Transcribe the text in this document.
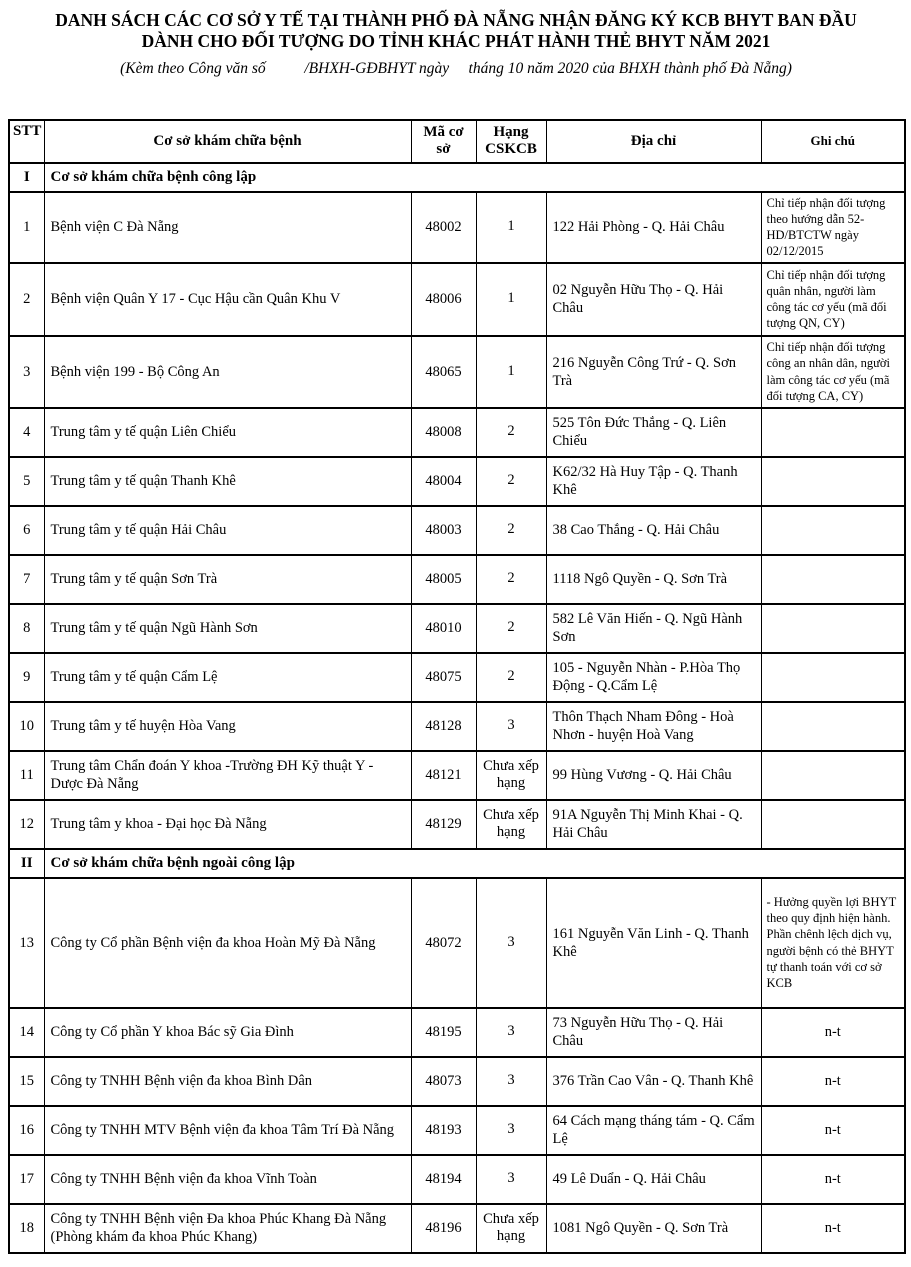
DANH SÁCH CÁC CƠ SỞ Y TẾ TẠI THÀNH PHỐ ĐÀ NẴNG NHẬN ĐĂNG KÝ KCB BHYT BAN ĐẦU
DÀNH CHO ĐỐI TƯỢNG DO TỈNH KHÁC PHÁT HÀNH THẺ BHYT NĂM 2021
(Kèm theo Công văn số          /BHXH-GĐBHYT ngày     tháng 10 năm 2020 của BHXH thành phố Đà Nẵng)
STT	Cơ sở khám chữa bệnh	Mã cơ sở	Hạng CSKCB	Địa chỉ	Ghi chú
I	Cơ sở khám chữa bệnh công lập				
1	Bệnh viện C Đà Nẵng	48002	1	122 Hải Phòng - Q. Hải Châu	Chỉ tiếp nhận đối tượng theo hướng dẫn 52-HD/BTCTW ngày 02/12/2015
2	Bệnh viện Quân Y 17 - Cục Hậu cần Quân Khu V	48006	1	02 Nguyễn Hữu Thọ - Q. Hải Châu	Chỉ tiếp nhận đối tượng quân nhân, người làm công tác cơ yếu (mã đối tượng QN, CY)
3	Bệnh viện 199 - Bộ Công An	48065	1	216 Nguyễn Công Trứ - Q. Sơn Trà	Chỉ tiếp nhận đối tượng công an nhân dân, người làm công tác cơ yếu (mã đối tượng CA, CY)
4	Trung tâm y tế quận Liên Chiểu	48008	2	525 Tôn Đức Thắng - Q. Liên Chiểu	
5	Trung tâm y tế quận Thanh Khê	48004	2	K62/32 Hà Huy Tập - Q. Thanh Khê	
6	Trung tâm y tế quận Hải Châu	48003	2	38 Cao Thắng - Q. Hải Châu	
7	Trung tâm y tế quận Sơn Trà	48005	2	1118 Ngô Quyền - Q. Sơn Trà	
8	Trung tâm y tế quận Ngũ Hành Sơn	48010	2	582 Lê Văn Hiến - Q. Ngũ Hành Sơn	
9	Trung tâm y tế quận Cẩm Lệ	48075	2	105 - Nguyễn Nhàn - P.Hòa Thọ Động - Q.Cẩm Lệ	
10	Trung tâm y tế huyện Hòa Vang	48128	3	Thôn Thạch Nham Đông - Hoà Nhơn - huyện Hoà Vang	
11	Trung tâm Chẩn đoán Y khoa -Trường ĐH Kỹ thuật Y - Dược Đà Nẵng	48121	Chưa xếp hạng	99 Hùng Vương - Q. Hải Châu	
12	Trung tâm y khoa - Đại học Đà Nẵng	48129	Chưa xếp hạng	91A Nguyễn Thị Minh Khai - Q. Hải Châu	
II	Cơ sở khám chữa bệnh ngoài công lập				
13	Công ty Cổ phần Bệnh viện đa khoa Hoàn Mỹ Đà Nẵng	48072	3	161 Nguyễn Văn Linh - Q. Thanh Khê	- Hưởng quyền lợi BHYT theo quy định hiện hành. Phần chênh lệch dịch vụ, người bệnh có thẻ BHYT tự thanh toán với cơ sở KCB
14	Công ty Cổ phần Y khoa Bác sỹ Gia Đình	48195	3	73 Nguyễn Hữu Thọ - Q. Hải Châu	n-t
15	Công ty TNHH Bệnh viện đa khoa Bình Dân	48073	3	376 Trần Cao Vân - Q. Thanh Khê	n-t
16	Công ty TNHH MTV Bệnh viện đa khoa Tâm Trí Đà Nẵng	48193	3	64 Cách mạng tháng tám - Q. Cẩm Lệ	n-t
17	Công ty TNHH Bệnh viện đa khoa Vĩnh Toàn	48194	3	49 Lê Duẩn - Q. Hải Châu	n-t
18	Công ty TNHH Bệnh viện Đa khoa Phúc Khang Đà Nẵng (Phòng khám đa khoa Phúc Khang)	48196	Chưa xếp hạng	1081 Ngô Quyền - Q. Sơn Trà	n-t
